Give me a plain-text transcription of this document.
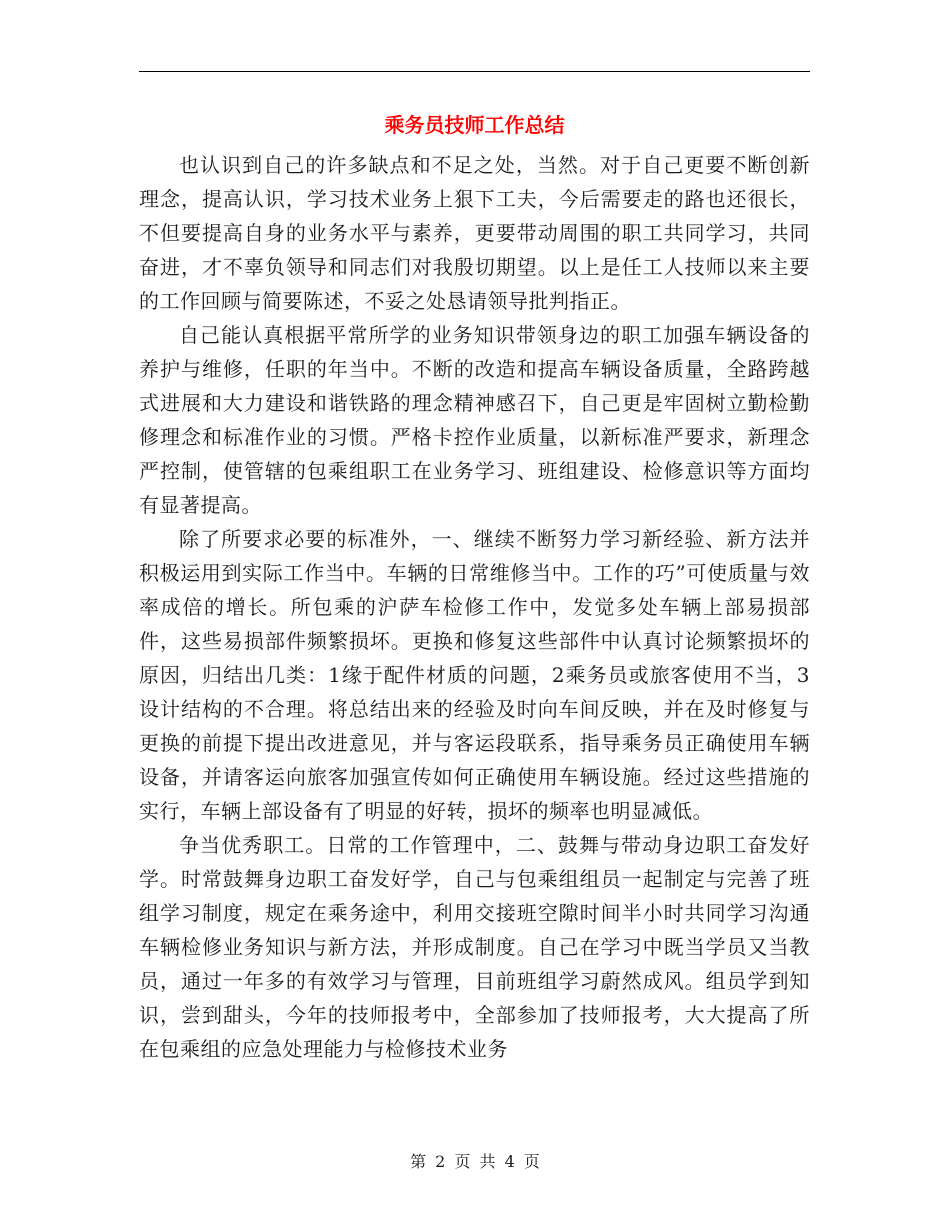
乘务员技师工作总结

也认识到自己的许多缺点和不足之处，当然。对于自己更要不断创新理念，提高认识，学习技术业务上狠下工夫，今后需要走的路也还很长，不但要提高自身的业务水平与素养，更要带动周围的职工共同学习，共同奋进，才不辜负领导和同志们对我殷切期望。以上是任工人技师以来主要的工作回顾与简要陈述，不妥之处恳请领导批判指正。

自己能认真根据平常所学的业务知识带领身边的职工加强车辆设备的养护与维修，任职的年当中。不断的改造和提高车辆设备质量，全路跨越式进展和大力建设和谐铁路的理念精神感召下，自己更是牢固树立勤检勤修理念和标准作业的习惯。严格卡控作业质量，以新标准严要求，新理念严控制，使管辖的包乘组职工在业务学习、班组建设、检修意识等方面均有显著提高。

除了所要求必要的标准外，一、继续不断努力学习新经验、新方法并积极运用到实际工作当中。车辆的日常维修当中。工作的巧”可使质量与效率成倍的增长。所包乘的沪萨车检修工作中，发觉多处车辆上部易损部件，这些易损部件频繁损坏。更换和修复这些部件中认真讨论频繁损坏的原因，归结出几类：1缘于配件材质的问题，2乘务员或旅客使用不当，3设计结构的不合理。将总结出来的经验及时向车间反映，并在及时修复与更换的前提下提出改进意见，并与客运段联系，指导乘务员正确使用车辆设备，并请客运向旅客加强宣传如何正确使用车辆设施。经过这些措施的实行，车辆上部设备有了明显的好转，损坏的频率也明显减低。

争当优秀职工。日常的工作管理中，二、鼓舞与带动身边职工奋发好学。时常鼓舞身边职工奋发好学，自己与包乘组组员一起制定与完善了班组学习制度，规定在乘务途中，利用交接班空隙时间半小时共同学习沟通车辆检修业务知识与新方法，并形成制度。自己在学习中既当学员又当教员，通过一年多的有效学习与管理，目前班组学习蔚然成风。组员学到知识，尝到甜头，今年的技师报考中，全部参加了技师报考，大大提高了所在包乘组的应急处理能力与检修技术业务

第 2 页 共 4 页
